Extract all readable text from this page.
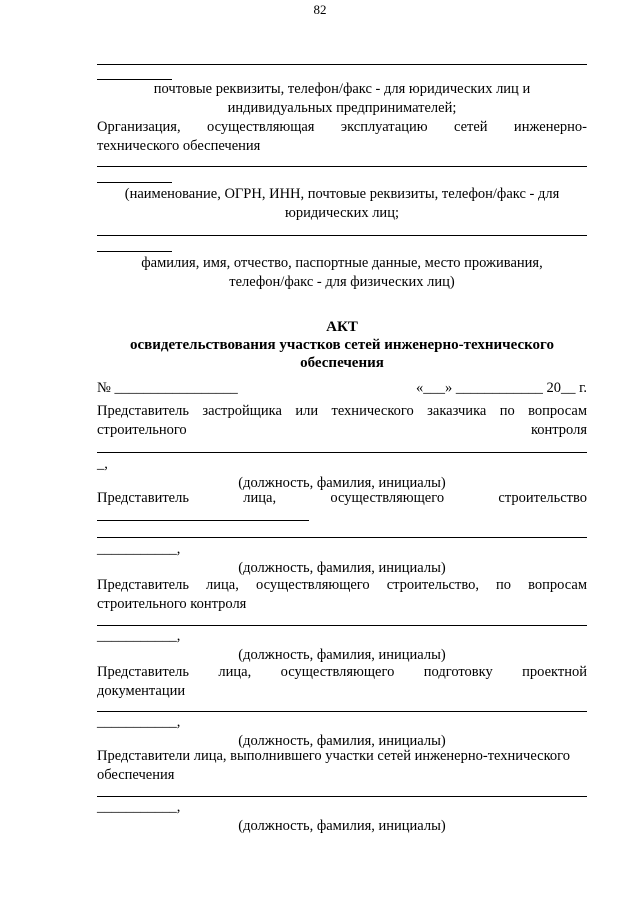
82
почтовые реквизиты, телефон/факс - для юридических лиц и
индивидуальных предпринимателей;
Организация, осуществляющая эксплуатацию сетей инженерно-
технического обеспечения
(наименование, ОГРН, ИНН, почтовые реквизиты, телефон/факс - для
юридических лиц;
фамилия, имя, отчество, паспортные данные, место проживания,
телефон/факс - для физических лиц)
АКТ
освидетельствования участков сетей инженерно-технического
обеспечения
№ _________________	«___» ____________ 20__ г.
Представитель застройщика или технического заказчика по вопросам
строительного	контроля
_,
(должность, фамилия, инициалы)
Представитель лица, осуществляющего строительство
___________,
(должность, фамилия, инициалы)
Представитель лица, осуществляющего строительство, по вопросам
строительного контроля
___________,
(должность, фамилия, инициалы)
Представитель лица, осуществляющего подготовку проектной
документации
___________,
(должность, фамилия, инициалы)
Представители лица, выполнившего участки сетей инженерно-технического
обеспечения
___________,
(должность, фамилия, инициалы)
